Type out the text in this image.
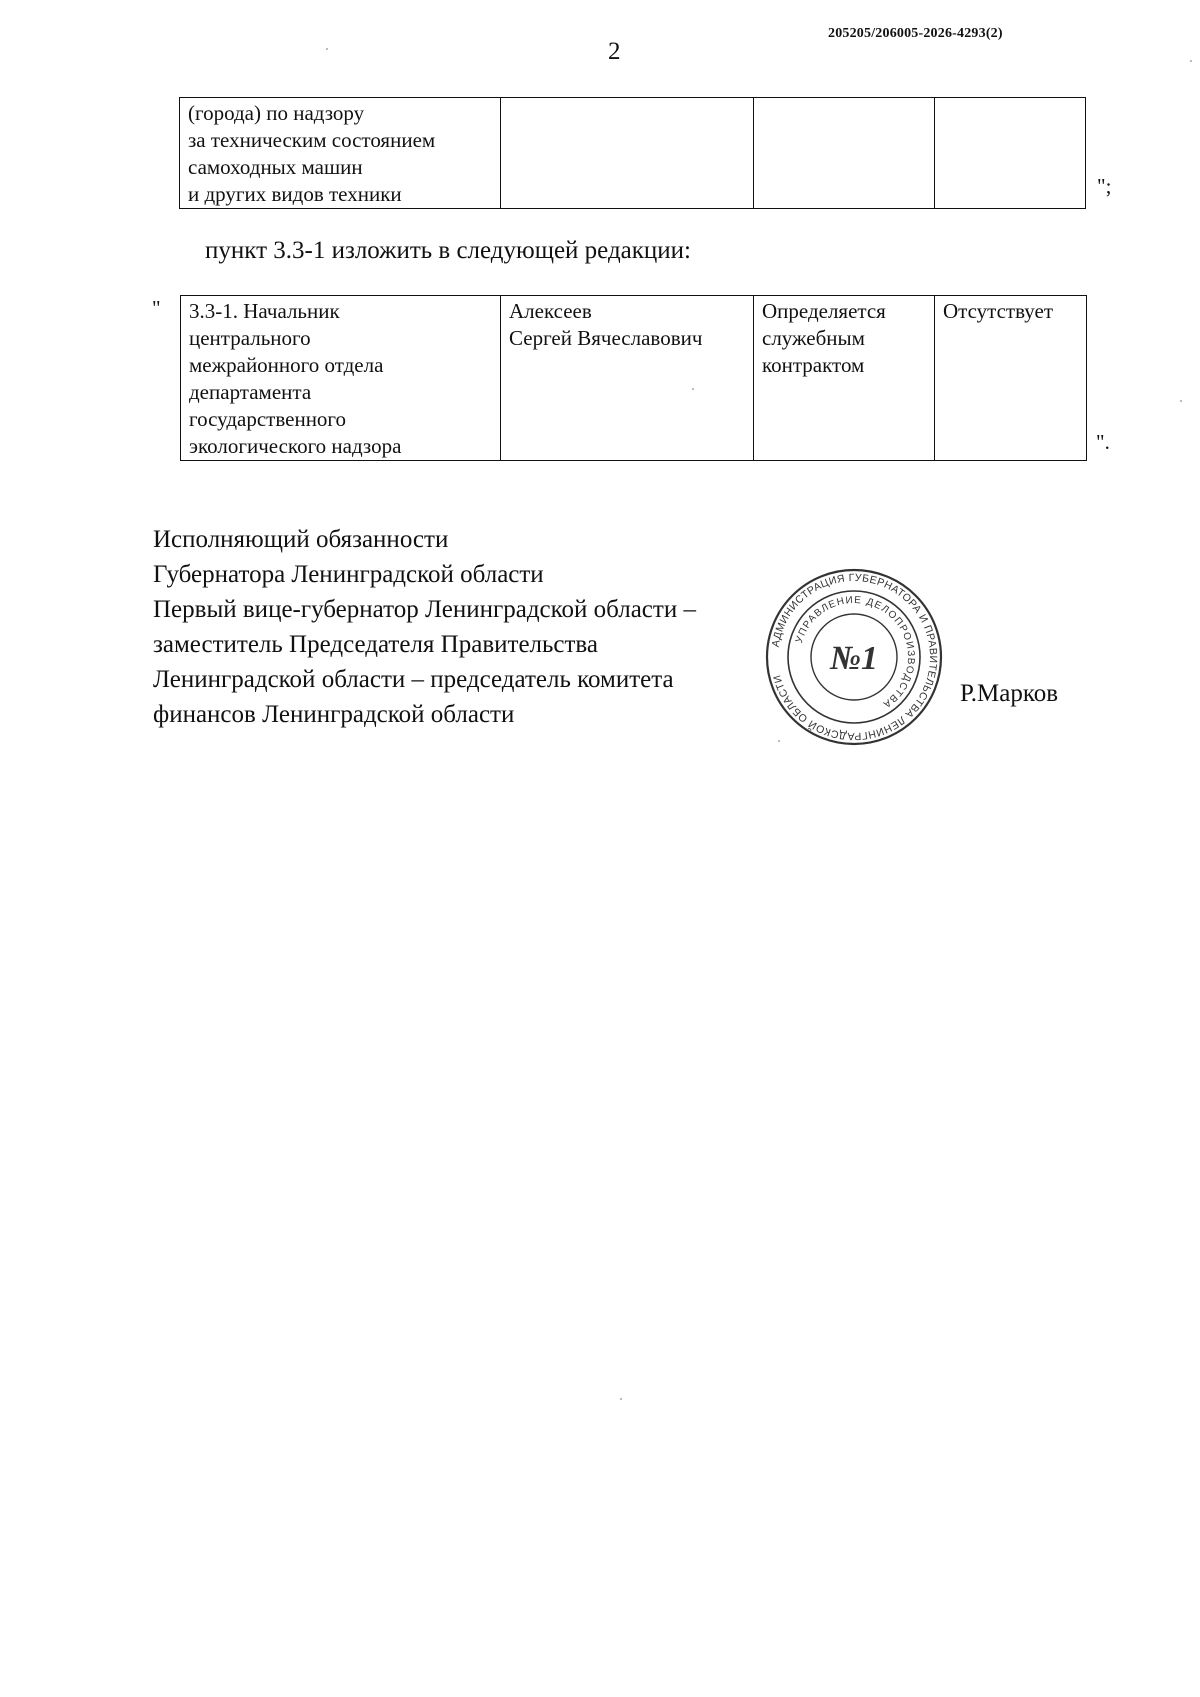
205205/206005-2026-4293(2)
2
(города) по надзору
за техническим состоянием
самоходных машин
и других видов техники
				";
пункт 3.3-1 изложить в следующей редакции:
" 3.3-1. Начальник
центрального
межрайонного отдела
департамента
государственного
экологического надзора

Алексеев
Сергей Вячеславович

Определяется
служебным
контрактом

Отсутствует
".
Исполняющий обязанности
Губернатора Ленинградской области
Первый вице-губернатор Ленинградской области –
заместитель Председателя Правительства
Ленинградской области – председатель комитета
финансов Ленинградской области
Р.Марков
АДМИНИСТРАЦИЯ ГУБЕРНАТОРА И ПРАВИТЕЛЬСТВА ЛЕНИНГРАДСКОЙ ОБЛАСТИ
УПРАВЛЕНИЕ ДЕЛОПРОИЗВОДСТВА
№1
